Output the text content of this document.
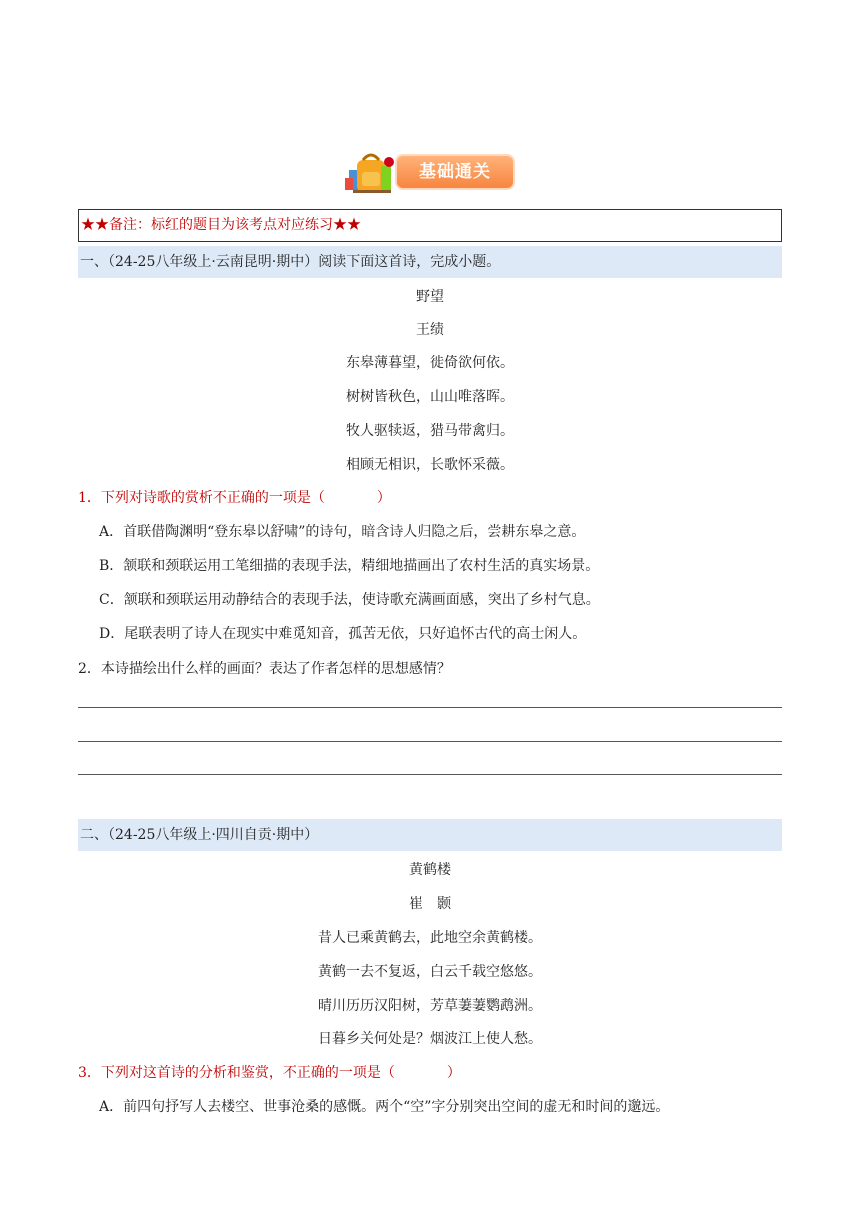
基础通关
★★备注：标红的题目为该考点对应练习★★
一、（24-25八年级上·云南昆明·期中）阅读下面这首诗，完成小题。
野望
王绩
东皋薄暮望，徙倚欲何依。
树树皆秋色，山山唯落晖。
牧人驱犊返，猎马带禽归。
相顾无相识，长歌怀采薇。
1．下列对诗歌的赏析不正确的一项是（	）
A．首联借陶渊明“登东皋以舒啸”的诗句，暗含诗人归隐之后，尝耕东皋之意。
B．颔联和颈联运用工笔细描的表现手法，精细地描画出了农村生活的真实场景。
C．颔联和颈联运用动静结合的表现手法，使诗歌充满画面感，突出了乡村气息。
D．尾联表明了诗人在现实中难觅知音，孤苦无依，只好追怀古代的高士闲人。
2．本诗描绘出什么样的画面？表达了作者怎样的思想感情？
二、（24-25八年级上·四川自贡·期中）
黄鹤楼
崔　颢
昔人已乘黄鹤去，此地空余黄鹤楼。
黄鹤一去不复返，白云千载空悠悠。
晴川历历汉阳树，芳草萋萋鹦鹉洲。
日暮乡关何处是？烟波江上使人愁。
3．下列对这首诗的分析和鉴赏，不正确的一项是（	）
A．前四句抒写人去楼空、世事沧桑的感慨。两个“空”字分别突出空间的虚无和时间的邈远。
